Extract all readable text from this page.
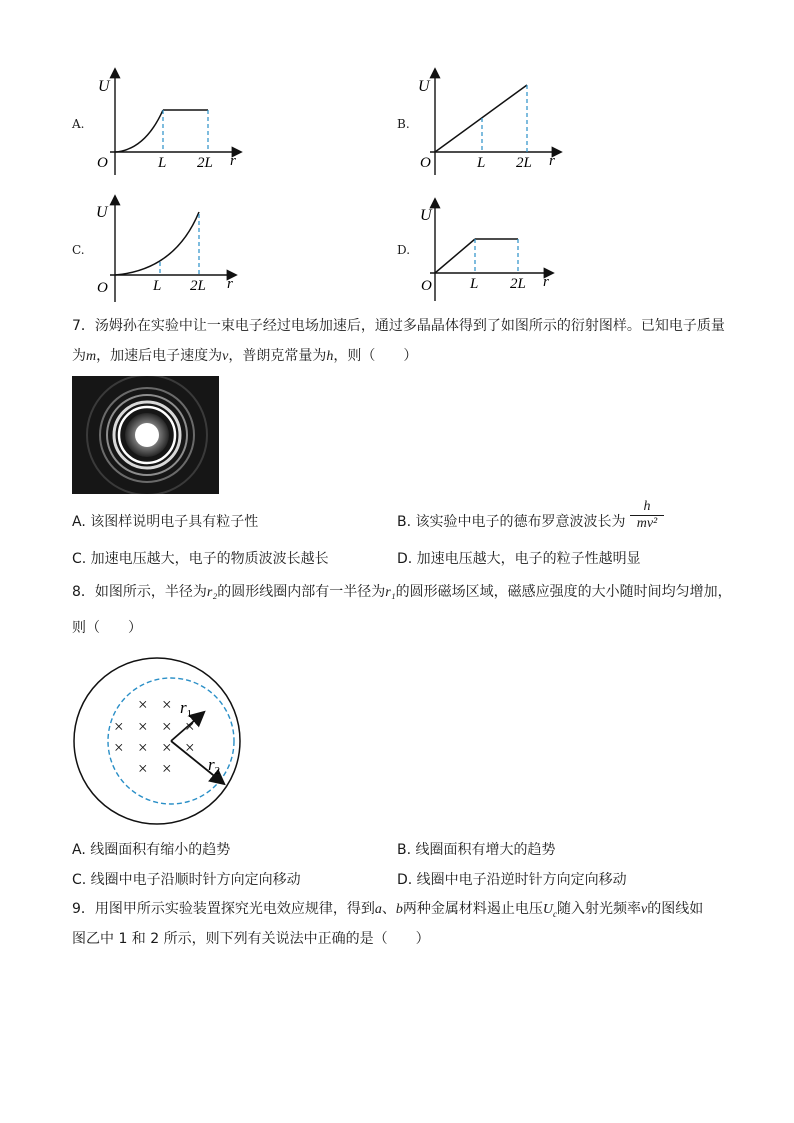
A.
U
O	L 2L r
B.
U
O	L 2L r
C.
U
O	L 2L r
D.
U
O	L 2L r
7．汤姆孙在实验中让一束电子经过电场加速后，通过多晶晶体得到了如图所示的衍射图样。已知电子质量
为m，加速后电子速度为v，普朗克常量为h，则（　　）
A. 该图样说明电子具有粒子性	B. 该实验中电子的德布罗意波波长为 $\frac{h}{\text{mv²}}$
C. 加速电压越大，电子的物质波波长越长	D. 加速电压越大，电子的粒子性越明显
8．如图所示，半径为r₂的圆形线圈内部有一半径为r₁的圆形磁场区域，磁感应强度的大小随时间均匀增加，
则（　　）
× ×
× × × ×
× × × ×
× ×
$r_1$
$r_2$
A. 线圈面积有缩小的趋势	B. 线圈面积有增大的趋势
C. 线圈中电子沿顺时针方向定向移动	D. 线圈中电子沿逆时针方向定向移动
9．用图甲所示实验装置探究光电效应规律，得到a、b两种金属材料遏止电压$U_c$随入射光频率ν的图线如
图乙中 1 和 2 所示，则下列有关说法中正确的是（　　）
